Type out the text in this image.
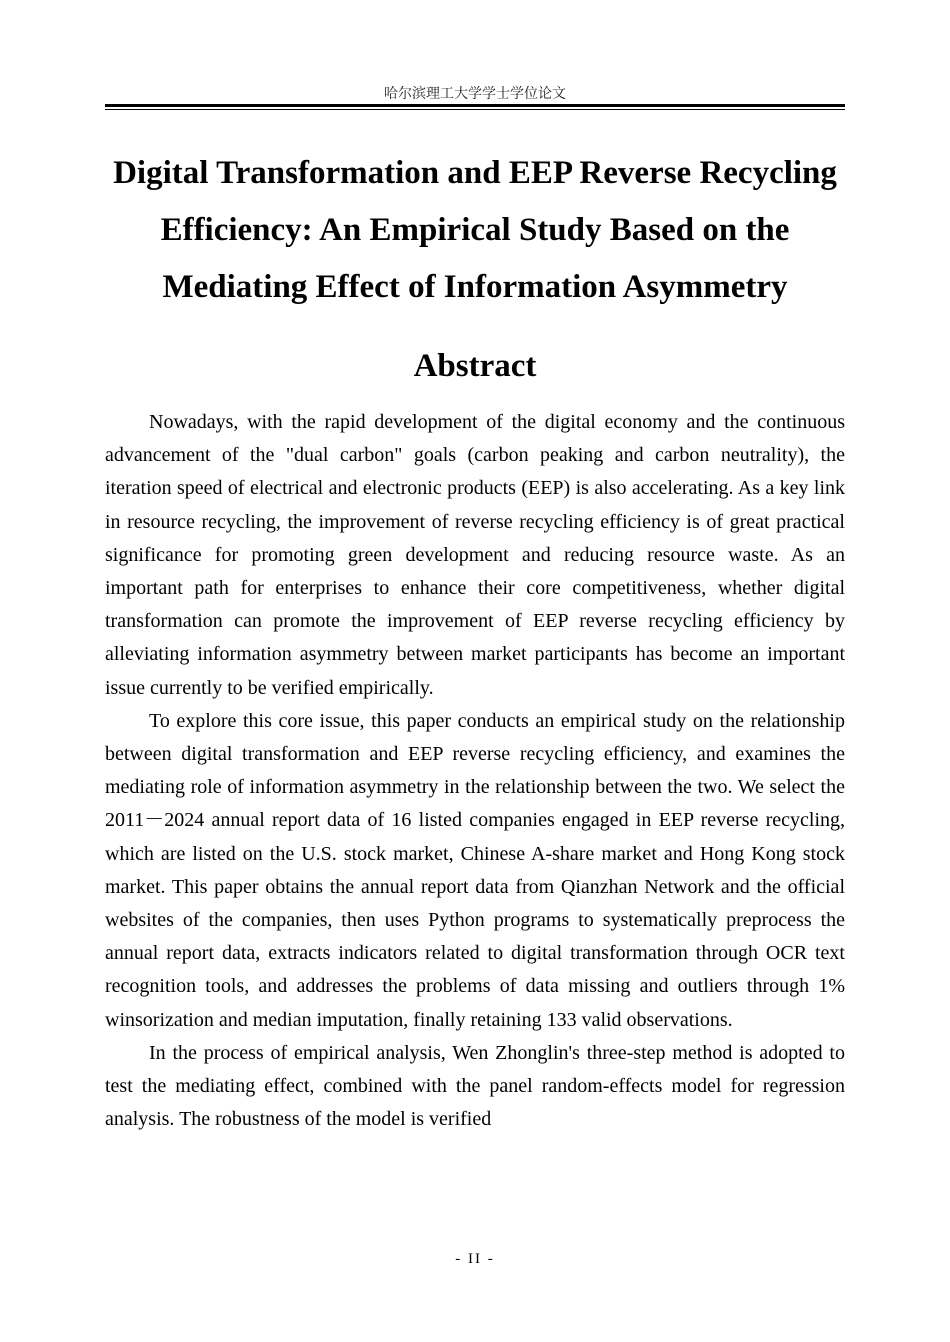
哈尔滨理工大学学士学位论文
Digital Transformation and EEP Reverse Recycling Efficiency: An Empirical Study Based on the Mediating Effect of Information Asymmetry
Abstract

Nowadays, with the rapid development of the digital economy and the continuous advancement of the "dual carbon" goals (carbon peaking and carbon neutrality), the iteration speed of electrical and electronic products (EEP) is also accelerating. As a key link in resource recycling, the improvement of reverse recycling efficiency is of great practical significance for promoting green development and reducing resource waste. As an important path for enterprises to enhance their core competitiveness, whether digital transformation can promote the improvement of EEP reverse recycling efficiency by alleviating information asymmetry between market participants has become an important issue currently to be verified empirically.

To explore this core issue, this paper conducts an empirical study on the relationship between digital transformation and EEP reverse recycling efficiency, and examines the mediating role of information asymmetry in the relationship between the two. We select the 2011－2024 annual report data of 16 listed companies engaged in EEP reverse recycling, which are listed on the U.S. stock market, Chinese A-share market and Hong Kong stock market. This paper obtains the annual report data from Qianzhan Network and the official websites of the companies, then uses Python programs to systematically preprocess the annual report data, extracts indicators related to digital transformation through OCR text recognition tools, and addresses the problems of data missing and outliers through 1% winsorization and median imputation, finally retaining 133 valid observations.

In the process of empirical analysis, Wen Zhonglin's three-step method is adopted to test the mediating effect, combined with the panel random-effects model for regression analysis. The robustness of the model is verified

- II -
